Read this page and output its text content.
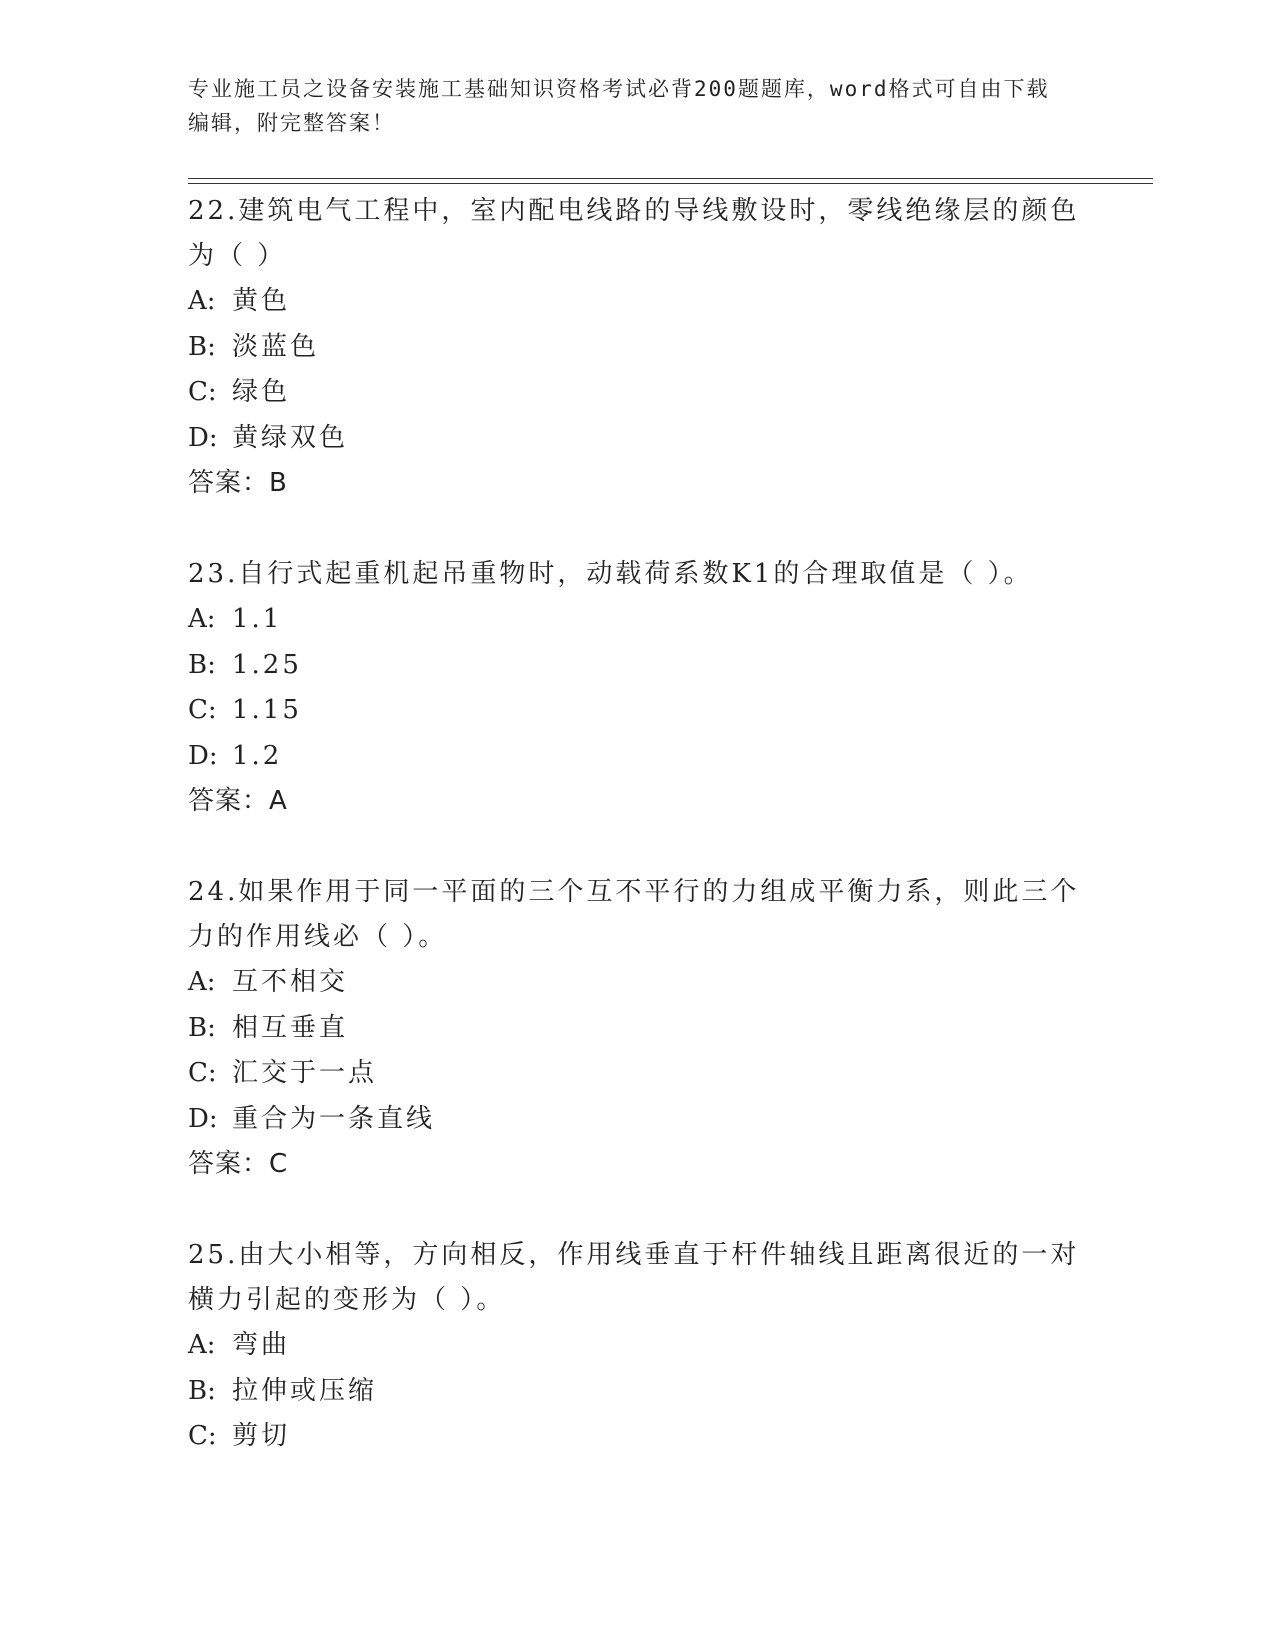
专业施工员之设备安装施工基础知识资格考试必背200题题库，word格式可自由下载编辑，附完整答案！
22.建筑电气工程中，室内配电线路的导线敷设时，零线绝缘层的颜色为（ ）
A: 黄色
B: 淡蓝色
C: 绿色
D: 黄绿双色
答案：B
23.自行式起重机起吊重物时，动载荷系数K1的合理取值是（ ）。
A: 1.1
B: 1.25
C: 1.15
D: 1.2
答案：A
24.如果作用于同一平面的三个互不平行的力组成平衡力系，则此三个力的作用线必（ ）。
A: 互不相交
B: 相互垂直
C: 汇交于一点
D: 重合为一条直线
答案：C
25.由大小相等，方向相反，作用线垂直于杆件轴线且距离很近的一对横力引起的变形为（ ）。
A: 弯曲
B: 拉伸或压缩
C: 剪切
